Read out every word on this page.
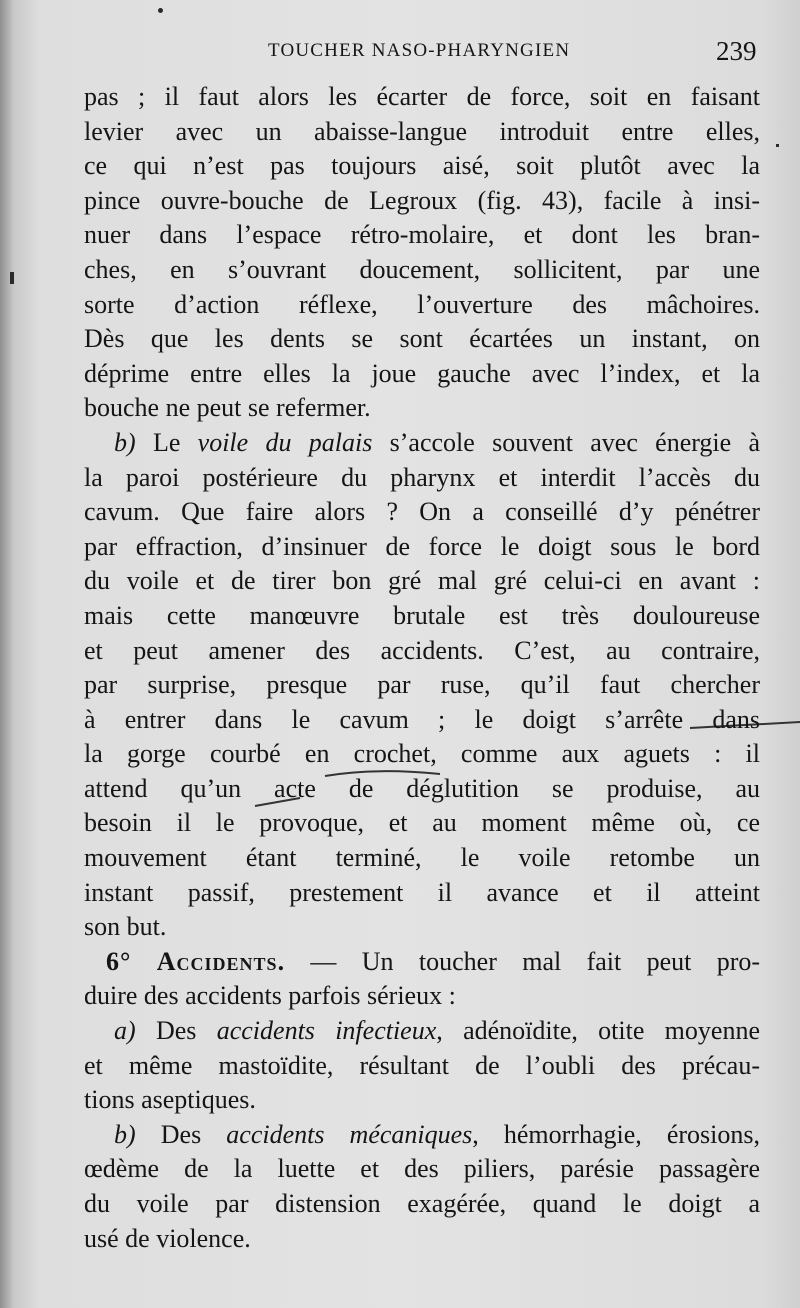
TOUCHER NASO-PHARYNGIEN	239
pas ; il faut alors les écarter de force, soit en faisant
levier avec un abaisse-langue introduit entre elles,
ce qui n’est pas toujours aisé, soit plutôt avec la
pince ouvre-bouche de Legroux (fig. 43), facile à insi-
nuer dans l’espace rétro-molaire, et dont les bran-
ches, en s’ouvrant doucement, sollicitent, par une
sorte d’action réflexe, l’ouverture des mâchoires.
Dès que les dents se sont écartées un instant, on
déprime entre elles la joue gauche avec l’index, et la
bouche ne peut se refermer.
b) Le voile du palais s’accole souvent avec énergie à
la paroi postérieure du pharynx et interdit l’accès du
cavum. Que faire alors ? On a conseillé d’y pénétrer
par effraction, d’insinuer de force le doigt sous le bord
du voile et de tirer bon gré mal gré celui-ci en avant :
mais cette manœuvre brutale est très douloureuse
et peut amener des accidents. C’est, au contraire,
par surprise, presque par ruse, qu’il faut chercher
à entrer dans le cavum ; le doigt s’arrête dans
la gorge courbé en crochet, comme aux aguets : il
attend qu’un acte de déglutition se produise, au
besoin il le provoque, et au moment même où, ce
mouvement étant terminé, le voile retombe un
instant passif, prestement il avance et il atteint
son but.
6° Accidents. — Un toucher mal fait peut pro-
duire des accidents parfois sérieux :
a) Des accidents infectieux, adénoïdite, otite moyenne
et même mastoïdite, résultant de l’oubli des précau-
tions aseptiques.
b) Des accidents mécaniques, hémorrhagie, érosions,
œdème de la luette et des piliers, parésie passagère
du voile par distension exagérée, quand le doigt a
usé de violence.
